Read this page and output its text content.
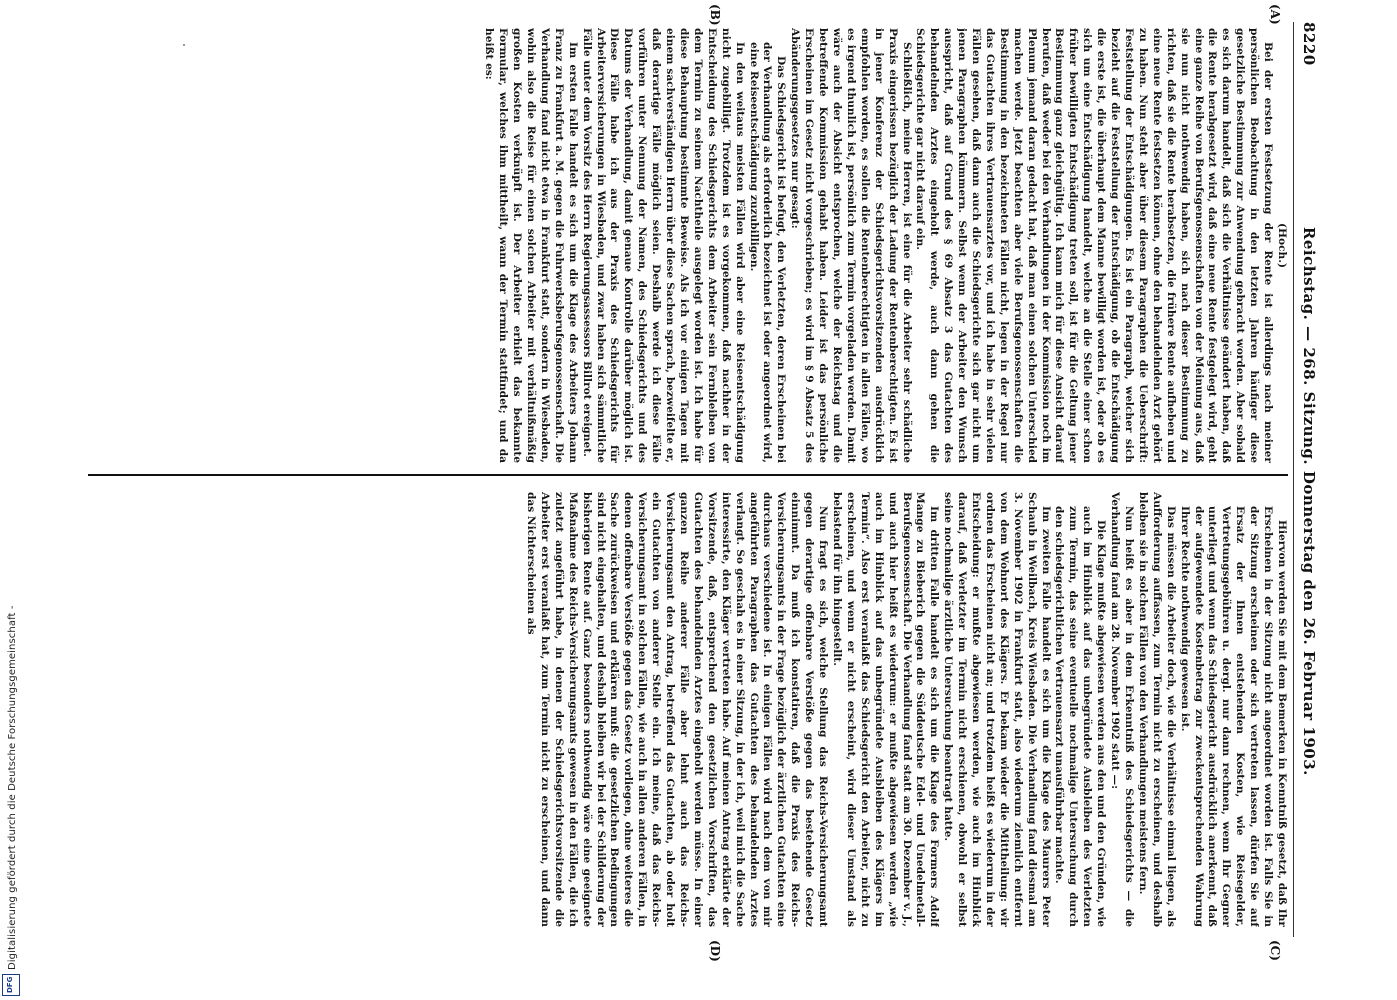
Digitalisierung gefördert durch die Deutsche Forschungsgemeinschaft -
DFG
8220
Reichstag. — 268. Sitzung. Donnerstag den 26. Februar 1903.
(A)
(B)
(C)
(D)

(Hoch.)

Bei der ersten Festsetzung der Rente ist allerdings nach meiner persönlichen Beobachtung in den letzten Jahren häufiger diese gesetzliche Bestimmung zur Anwendung gebracht worden. Aber sobald es sich darum handelt, daß sich die Verhältnisse geändert haben, daß die Rente herabgesetzt wird, daß eine neue Rente festgelegt wird, geht eine ganze Reihe von Berufsgenossenschaften von der Meinung aus, daß sie nun nicht nothwendig haben, sich nach dieser Bestimmung zu richten, daß sie die Rente herabsetzen, die frühere Rente aufheben und eine neue Rente festsetzen können, ohne den behandelnden Arzt gehört zu haben. Nun steht aber über diesem Paragraphen die Ueberschrift: Feststellung der Entschädigungen. Es ist ein Paragraph, welcher sich bezieht auf die Feststellung der Entschädigung, ob die Entschädigung die erste ist, die überhaupt dem Manne bewilligt worden ist, oder ob es sich um eine Entschädigung handelt, welche an die Stelle einer schon früher bewilligten Entschädigung treten soll, ist für die Geltung jener Bestimmung ganz gleichgültig. Ich kann mich für diese Ansicht darauf berufen, daß weder bei den Verhandlungen in der Kommission noch im Plenum jemand daran gedacht hat, daß man einen solchen Unterschied machen werde. Jetzt beachten aber viele Berufsgenossenschaften die Bestimmung in den bezeichneten Fällen nicht, legen in der Regel nur das Gutachten ihres Vertrauensarztes vor, und ich habe in sehr vielen Fällen gesehen, daß dann auch die Schiedsgerichte sich gar nicht um jenen Paragraphen kümmern. Selbst wenn der Arbeiter den Wunsch ausspricht, daß auf Grund des § 69 Absatz 3 das Gutachten des behandelnden Arztes eingeholt werde, auch dann gehen die Schiedsgerichte gar nicht darauf ein.

Schließlich, meine Herren, ist eine für die Arbeiter sehr schädliche Praxis eingerissen bezüglich der Ladung der Rentenberechtigten. Es ist in jener Konferenz der Schiedsgerichtsvorsitzenden ausdrücklich empfohlen worden, es sollen die Rentenberechtigten in allen Fällen, wo es irgend thunlich ist, persönlich zum Termin vorgeladen werden. Damit wäre auch der Absicht entsprochen, welche der Reichstag und die betreffende Kommission gehabt haben. Leider ist das persönliche Erscheinen im Gesetz nicht vorgeschrieben; es wird im § 9 Absatz 5 des Abänderungsgesetzes nur gesagt:

Das Schiedsgericht ist befugt, den Verletzten, deren Erscheinen bei der Verhandlung als erforderlich bezeichnet ist oder angeordnet wird, eine Reiseentschädigung zuzubilligen.

In den weitaus meisten Fällen wird aber eine Reiseentschädigung nicht zugebilligt. Trotzdem ist es vorgekommen, daß nachher in der Entscheidung des Schiedsgerichts dem Arbeiter sein Fernbleiben von dem Termin zu seinem Nachtheile ausgelegt worden ist. Ich habe für diese Behauptung bestimmte Beweise. Als ich vor einigen Tagen mit einem sachverständigen Herrn über diese Sachen sprach, bezweifelte er, daß derartige Fälle möglich seien. Deshalb werde ich diese Fälle vorführen unter Nennung der Namen, des Schiedsgerichts und des Datums der Verhandlung, damit genaue Kontrolle darüber möglich ist. Diese Fälle habe ich aus der Praxis des Schiedsgerichts für Arbeiterversicherungen in Wiesbaden, und zwar haben sich sämmtliche Fälle unter dem Vorsitz des Herrn Regierungsassessors Billrot ereignet.

Im ersten Falle handelt es sich um die Klage des Arbeiters Johann Franz zu Frankfurt a. M. gegen die Fuhrwerksberufsgenossenschaft. Die Verhandlung fand nicht etwa in Frankfurt statt, sondern in Wiesbaden, wohin also die Reise für einen solchen Arbeiter mit verhältnißmäßig großen Kosten verknüpft ist. Der Arbeiter erhielt das bekannte Formular, welches ihm mittheilt, wann der Termin stattfindet; und da heißt es:

Hiervon werden Sie mit dem Bemerken in Kenntniß gesetzt, daß Ihr Erscheinen in der Sitzung nicht angeordnet worden ist. Falls Sie in der Sitzung erscheinen oder sich vertreten lassen, dürfen Sie auf Ersatz der Ihnen entstehenden Kosten, wie Reisegelder, Vertretungsgebühren u. dergl. nur dann rechnen, wenn Ihr Gegner unterliegt und wenn das Schiedsgericht ausdrücklich anerkennt, daß der aufgewendete Kostenbetrag zur zweckentsprechenden Wahrung Ihrer Rechte nothwendig gewesen ist.

Das müssen die Arbeiter doch, wie die Verhältnisse einmal liegen, als Aufforderung auffassen, zum Termin nicht zu erscheinen, und deshalb bleiben sie in solchen Fällen von den Verhandlungen meistens fern.

Nun heißt es aber in dem Erkenntniß des Schiedsgerichts — die Verhandlung fand am 28. November 1902 statt —:

Die Klage mußte abgewiesen werden aus den und den Gründen, wie auch im Hinblick auf das unbegründete Ausbleiben des Verletzten zum Termin, das seine eventuelle nochmalige Untersuchung durch den schiedsgerichtlichen Vertrauensarzt unausführbar machte.

Im zweiten Falle handelt es sich um die Klage des Maurers Peter Schaub in Weilbach, Kreis Wiesbaden. Die Verhandlung fand diesmal am 3. November 1902 in Frankfurt statt, also wiederum ziemlich entfernt von dem Wohnort des Klägers. Er bekam wieder die Mittheilung: wir ordnen das Erscheinen nicht an; und trotzdem heißt es wiederum in der Entscheidung: er mußte abgewiesen werden, wie auch im Hinblick darauf, daß Verletzter im Termin nicht erschienen, obwohl er selbst seine nochmalige ärztliche Untersuchung beantragt hatte.

Im dritten Falle handelt es sich um die Klage des Formers Adolf Mange zu Bieberich gegen die Süddeutsche Edel- und Unedelmetall-Berufsgenossenschaft. Die Verhandlung fand statt am 30. Dezember v. J., und auch hier heißt es wiederum: er mußte abgewiesen werden „wie auch im Hinblick auf das unbegründete Ausbleiben des Klägers im Termin“. Also erst veranlaßt das Schiedsgericht den Arbeiter, nicht zu erscheinen, und wenn er nicht erscheint, wird dieser Umstand als belastend für ihn hingestellt.

Nun fragt es sich, welche Stellung das Reichs-Versicherungsamt gegen derartige offenbare Verstöße gegen das bestehende Gesetz einnimmt. Da muß ich konstatiren, daß die Praxis des Reichs-Versicherungsamts in der Frage bezüglich der ärztlichen Gutachten eine durchaus verschiedene ist. In einigen Fällen wird nach dem von mir angeführten Paragraphen das Gutachten des behandelnden Arztes verlangt. So geschah es in einer Sitzung, in der ich, weil mich die Sache interessirte, den Kläger vertreten habe. Auf meinen Antrag erklärte der Vorsitzende, daß, entsprechend den gesetzlichen Vorschriften, das Gutachten des behandelnden Arztes eingeholt werden müsse. In einer ganzen Reihe anderer Fälle aber lehnt auch das Reichs-Versicherungsamt den Antrag, betreffend das Gutachten, ab oder holt ein Gutachten von anderer Stelle ein. Ich meine, daß das Reichs-Versicherungsamt in solchen Fällen, wie auch in allen anderen Fällen, in denen offenbare Verstöße gegen das Gesetz vorliegen, ohne weiteres die Sache zurückweisen und erklären muß: die gesetzlichen Bedingungen sind nicht eingehalten, und deshalb bleiben wir bei der Schilderung der bisherigen Rente auf. Ganz besonders nothwendig wäre eine geeignete Maßnahme des Reichs-Versicherungsamts gewesen in den Fällen, die ich zuletzt angeführt habe, in denen der Schiedsgerichtsvorsitzende die Arbeiter erst veranlaßt hat, zum Termin nicht zu erscheinen, und dann das Nichterscheinen als
